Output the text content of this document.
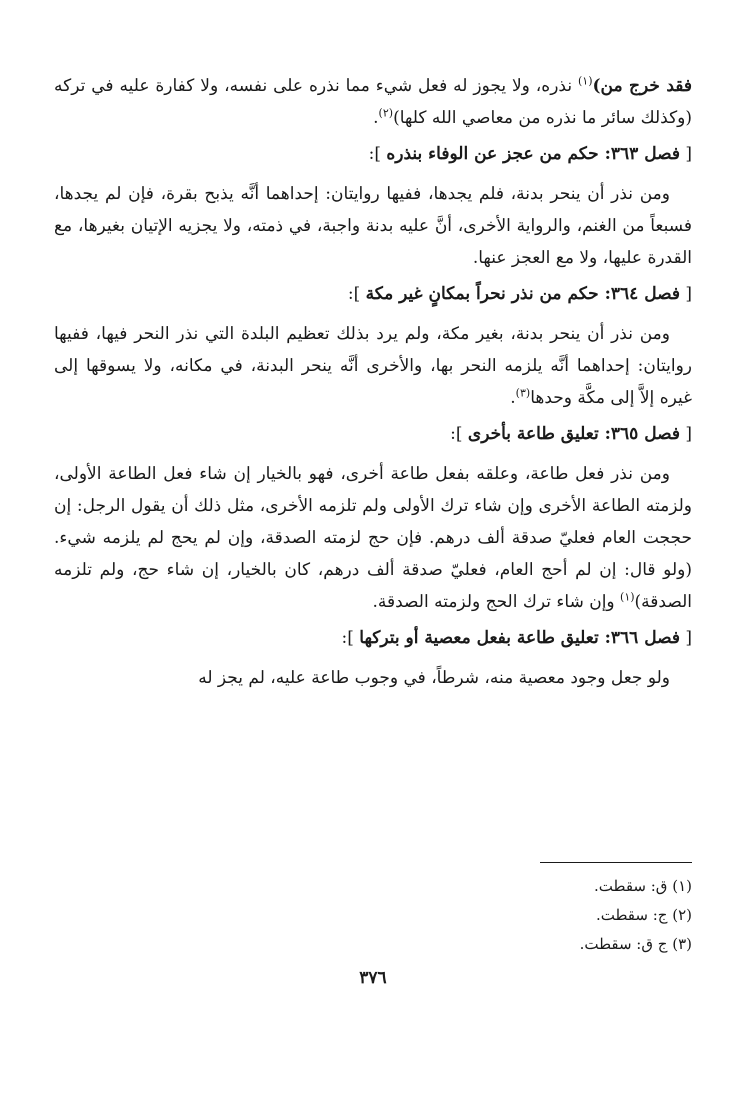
فقد خرج من)$^{(١)}$ نذره، ولا يجوز له فعل شيء مما نذره على نفسه، ولا كفارة عليه في تركه (وكذلك سائر ما نذره من معاصي الله كلها)$^{(٢)}$.

[ فصل ٣٦٣: حكم من عجز عن الوفاء بنذره ]:

ومن نذر أن ينحر بدنة، فلم يجدها، ففيها روايتان: إحداهما أنَّه يذبح بقرة، فإن لم يجدها، فسبعاً من الغنم، والرواية الأخرى، أنَّ عليه بدنة واجبة، في ذمته، ولا يجزيه الإتيان بغيرها، مع القدرة عليها، ولا مع العجز عنها.

[ فصل ٣٦٤: حكم من نذر نحراً بمكانٍ غير مكة ]:

ومن نذر أن ينحر بدنة، بغير مكة، ولم يرد بذلك تعظيم البلدة التي نذر النحر فيها، ففيها روايتان: إحداهما أنَّه يلزمه النحر بها، والأخرى أنَّه ينحر البدنة، في مكانه، ولا يسوقها إلى غيره إلاَّ إلى مكَّة وحدها$^{(٣)}$.

[ فصل ٣٦٥: تعليق طاعة بأخرى ]:

ومن نذر فعل طاعة، وعلقه بفعل طاعة أخرى، فهو بالخيار إن شاء فعل الطاعة الأولى، ولزمته الطاعة الأخرى وإن شاء ترك الأولى ولم تلزمه الأخرى، مثل ذلك أن يقول الرجل: إن حججت العام فعليّ صدقة ألف درهم. فإن حج لزمته الصدقة، وإن لم يحج لم يلزمه شيء. (ولو قال: إن لم أحج العام، فعليّ صدقة ألف درهم، كان بالخيار، إن شاء حج، ولم تلزمه الصدقة)$^{(١)}$ وإن شاء ترك الحج ولزمته الصدقة.

[ فصل ٣٦٦: تعليق طاعة بفعل معصية أو بتركها ]:

ولو جعل وجود معصية منه، شرطاً، في وجوب طاعة عليه، لم يجز له

(١) ق: سقطت.
(٢) ج: سقطت.
(٣) ج ق: سقطت.
٣٧٦
